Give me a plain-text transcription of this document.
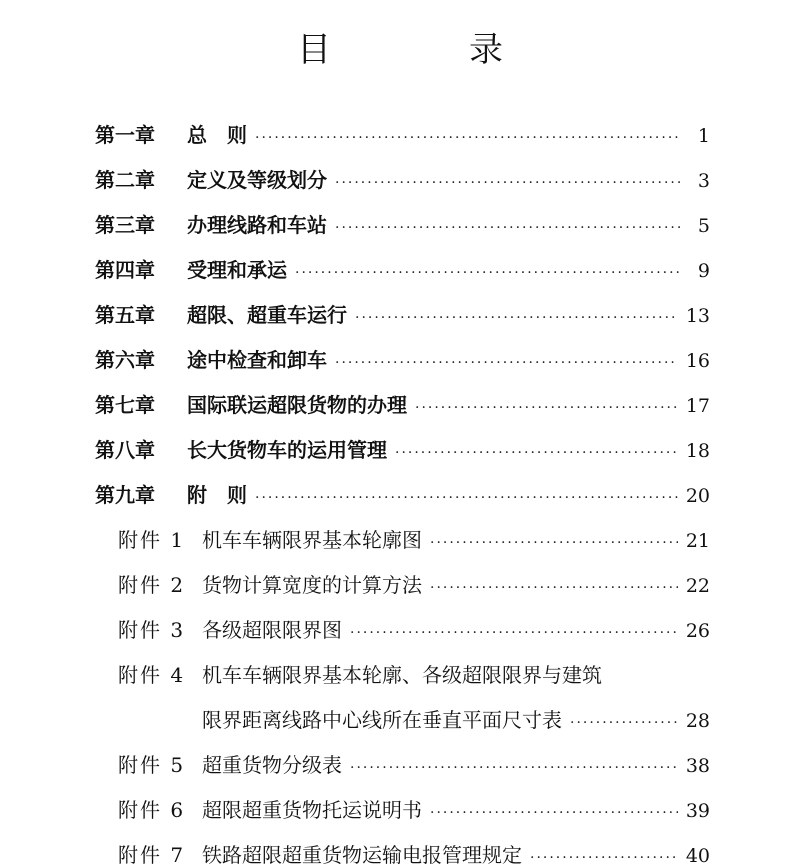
目　录
第一章	总　则 ·····	1
第二章	定义及等级划分 ·····	3
第三章	办理线路和车站 ·····	5
第四章	受理和承运 ·····	9
第五章	超限、超重车运行 ·····	13
第六章	途中检查和卸车 ·····	16
第七章	国际联运超限货物的办理 ·····	17
第八章	长大货物车的运用管理 ·····	18
第九章	附　则 ·····	20
附件 1 机车车辆限界基本轮廓图 ·····	21
附件 2 货物计算宽度的计算方法 ·····	22
附件 3 各级超限限界图 ·····	26
附件 4 机车车辆限界基本轮廓、各级超限限界与建筑
限界距离线路中心线所在垂直平面尺寸表 ·····	28
附件 5 超重货物分级表 ·····	38
附件 6 超限超重货物托运说明书 ·····	39
附件 7 铁路超限超重货物运输电报管理规定 ·····	40
